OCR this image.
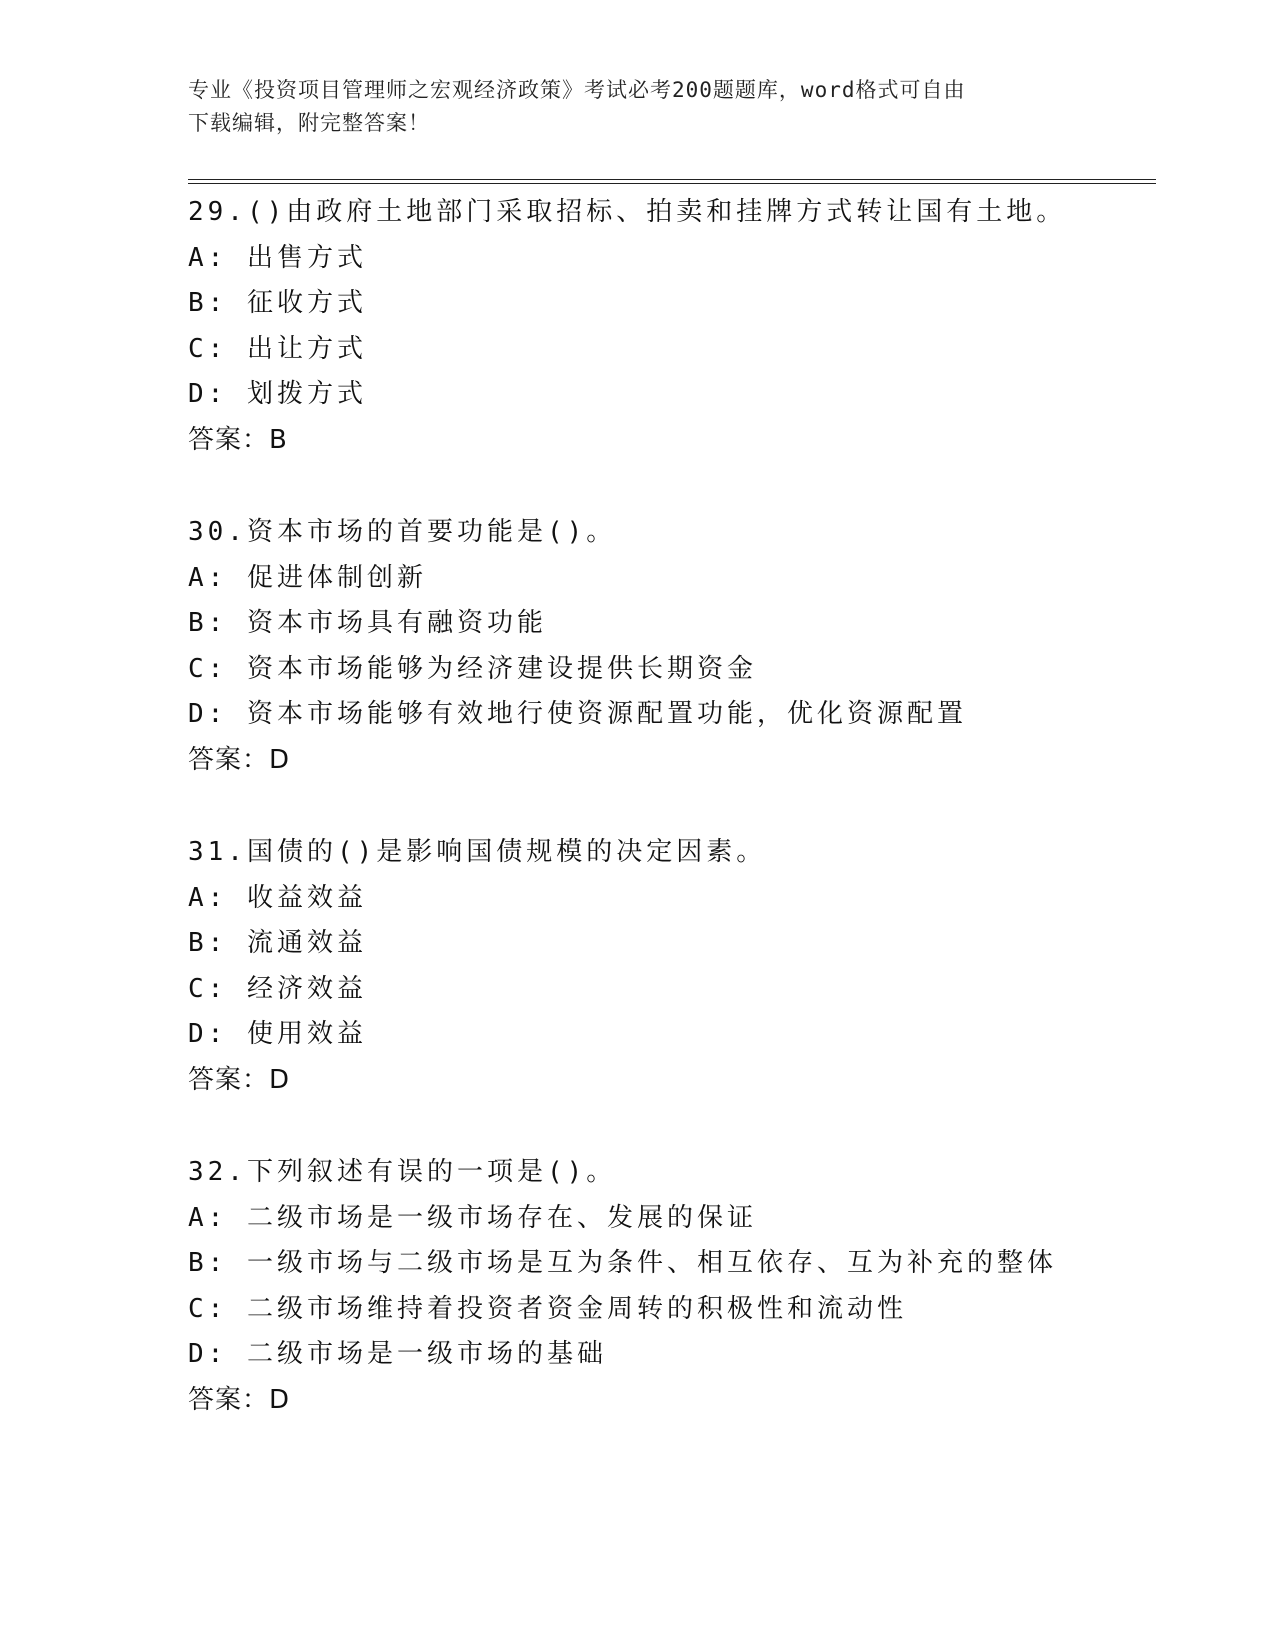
专业《投资项目管理师之宏观经济政策》考试必考200题题库，word格式可自由
下载编辑，附完整答案！
29.()由政府土地部门采取招标、拍卖和挂牌方式转让国有土地。
A: 出售方式
B: 征收方式
C: 出让方式
D: 划拨方式
答案：B
30.资本市场的首要功能是()。
A: 促进体制创新
B: 资本市场具有融资功能
C: 资本市场能够为经济建设提供长期资金
D: 资本市场能够有效地行使资源配置功能，优化资源配置
答案：D
31.国债的()是影响国债规模的决定因素。
A: 收益效益
B: 流通效益
C: 经济效益
D: 使用效益
答案：D
32.下列叙述有误的一项是()。
A: 二级市场是一级市场存在、发展的保证
B: 一级市场与二级市场是互为条件、相互依存、互为补充的整体
C: 二级市场维持着投资者资金周转的积极性和流动性
D: 二级市场是一级市场的基础
答案：D
